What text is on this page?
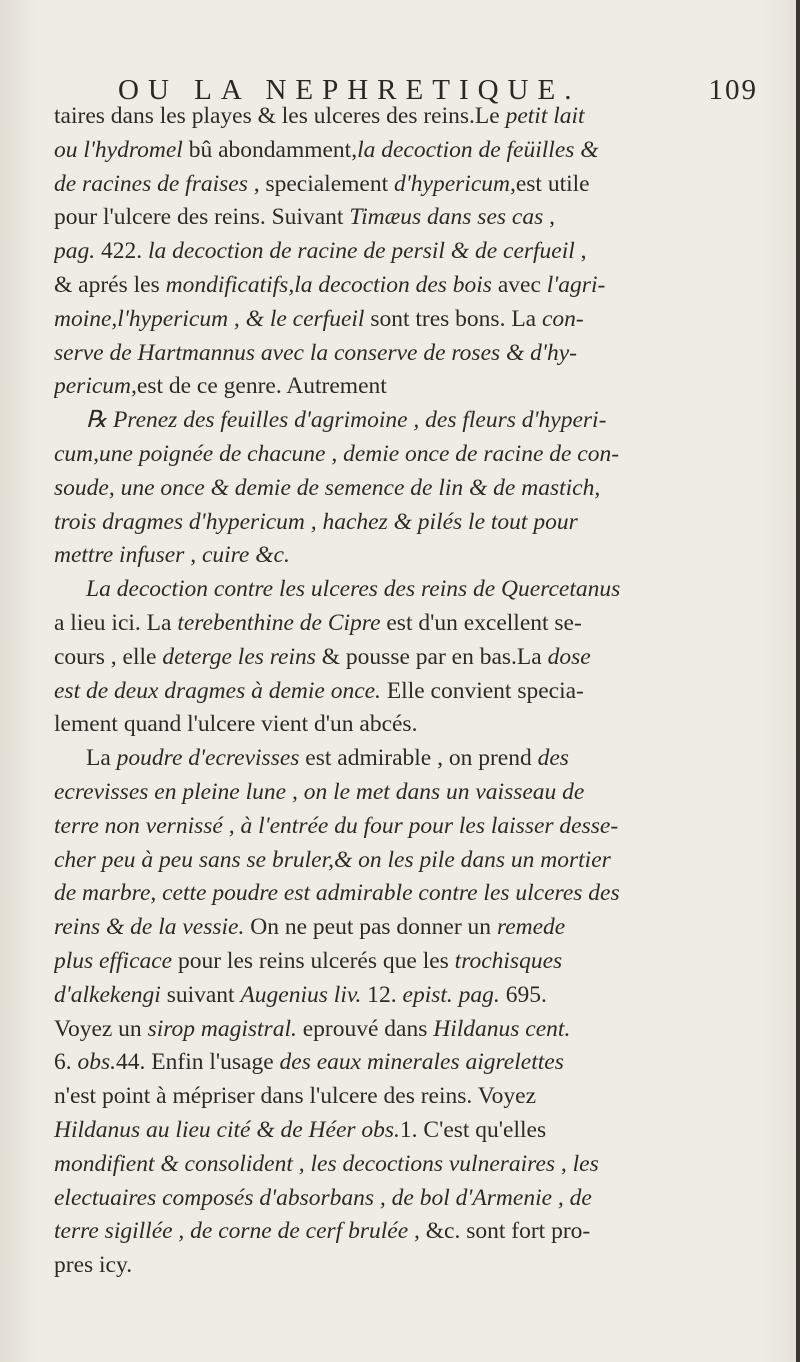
OU LA NEPHRETIQUE.	109
taires dans les playes & les ulceres des reins.Le petit lait
ou l'hydromel bû abondamment,la decoction de feüilles &
de racines de fraises , specialement d'hypericum,est utile
pour l'ulcere des reins. Suivant Timæus dans ses cas ,
pag. 422. la decoction de racine de persil & de cerfueil ,
& aprés les mondificatifs,la decoction des bois avec l'agri-
moine,l'hypericum , & le cerfueil sont tres bons. La con-
serve de Hartmannus avec la conserve de roses & d'hy-
pericum,est de ce genre. Autrement
℞ Prenez des feuilles d'agrimoine , des fleurs d'hyperi-
cum,une poignée de chacune , demie once de racine de con-
soude, une once & demie de semence de lin & de mastich,
trois dragmes d'hypericum , hachez & pilés le tout pour
mettre infuser , cuire &c.
La decoction contre les ulceres des reins de Quercetanus
a lieu ici. La terebenthine de Cipre est d'un excellent se-
cours , elle deterge les reins & pousse par en bas.La dose
est de deux dragmes à demie once. Elle convient specia-
lement quand l'ulcere vient d'un abcés.
La poudre d'ecrevisses est admirable , on prend des
ecrevisses en pleine lune , on le met dans un vaisseau de
terre non vernissé , à l'entrée du four pour les laisser desse-
cher peu à peu sans se bruler,& on les pile dans un mortier
de marbre, cette poudre est admirable contre les ulceres des
reins & de la vessie. On ne peut pas donner un remede
plus efficace pour les reins ulcerés que les trochisques
d'alkekengi suivant Augenius liv. 12. epist. pag. 695.
Voyez un sirop magistral. eprouvé dans Hildanus cent.
6. obs.44. Enfin l'usage des eaux minerales aigrelettes
n'est point à mépriser dans l'ulcere des reins. Voyez
Hildanus au lieu cité & de Héer obs.1. C'est qu'elles
mondifient & consolident , les decoctions vulneraires , les
electuaires composés d'absorbans , de bol d'Armenie , de
terre sigillée , de corne de cerf brulée , &c. sont fort pro-
pres icy.
